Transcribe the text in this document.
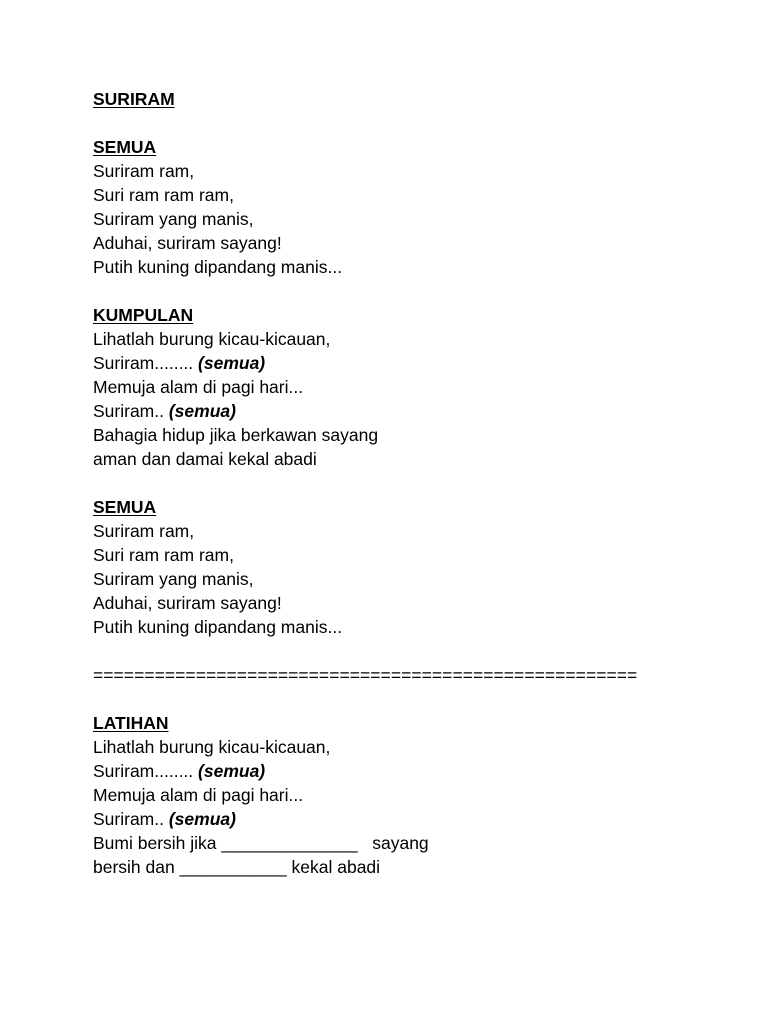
SURIRAM
SEMUA
Suriram ram,
Suri ram ram ram,
Suriram yang manis,
Aduhai, suriram sayang!
Putih kuning dipandang manis...
KUMPULAN
Lihatlah burung kicau-kicauan,
Suriram........ (semua)
Memuja alam di pagi hari...
Suriram.. (semua)
Bahagia hidup jika berkawan sayang
aman dan damai kekal abadi
SEMUA
Suriram ram,
Suri ram ram ram,
Suriram yang manis,
Aduhai, suriram sayang!
Putih kuning dipandang manis...
=====================================================
LATIHAN
Lihatlah burung kicau-kicauan,
Suriram........ (semua)
Memuja alam di pagi hari...
Suriram.. (semua)
Bumi bersih jika ______________   sayang
bersih dan ___________ kekal abadi
